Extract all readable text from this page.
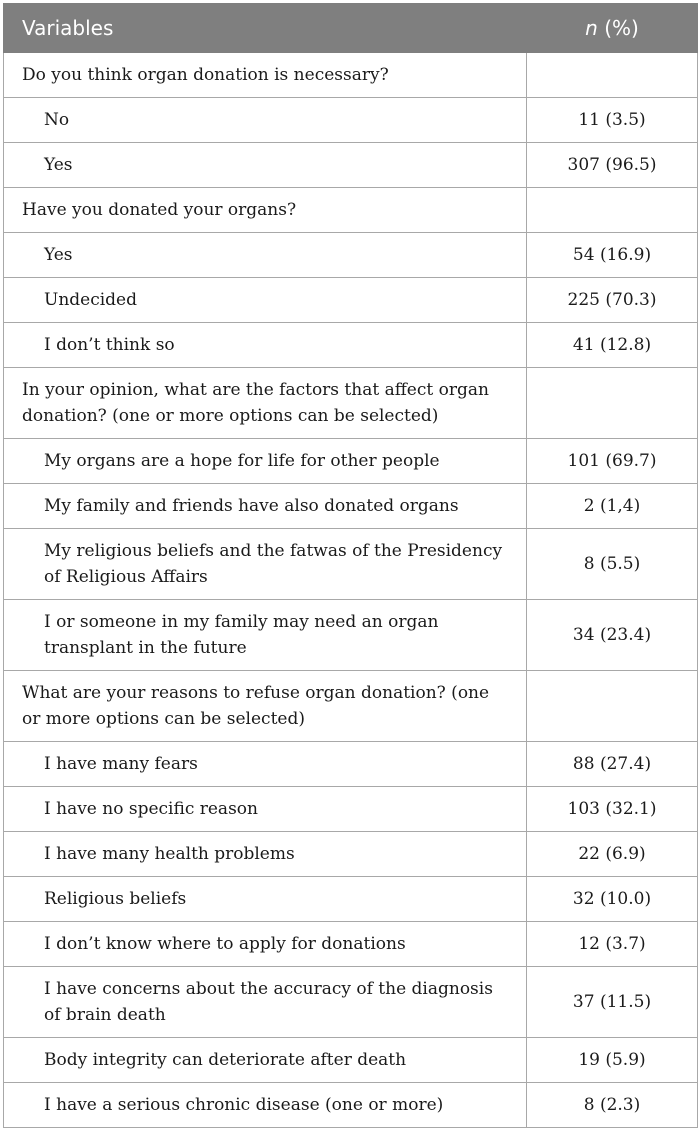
Variables	n (%)
Do you think organ donation is necessary?	
No	11 (3.5)
Yes	307 (96.5)
Have you donated your organs?	
Yes	54 (16.9)
Undecided	225 (70.3)
I don’t think so	41 (12.8)
In your opinion, what are the factors that affect organ donation? (one or more options can be selected)	
My organs are a hope for life for other people	101 (69.7)
My family and friends have also donated organs	2 (1,4)
My religious beliefs and the fatwas of the Presidency of Religious Affairs	8 (5.5)
I or someone in my family may need an organ transplant in the future	34 (23.4)
What are your reasons to refuse organ donation? (one or more options can be selected)	
I have many fears	88 (27.4)
I have no specific reason	103 (32.1)
I have many health problems	22 (6.9)
Religious beliefs	32 (10.0)
I don’t know where to apply for donations	12 (3.7)
I have concerns about the accuracy of the diagnosis of brain death	37 (11.5)
Body integrity can deteriorate after death	19 (5.9)
I have a serious chronic disease (one or more)	8 (2.3)
